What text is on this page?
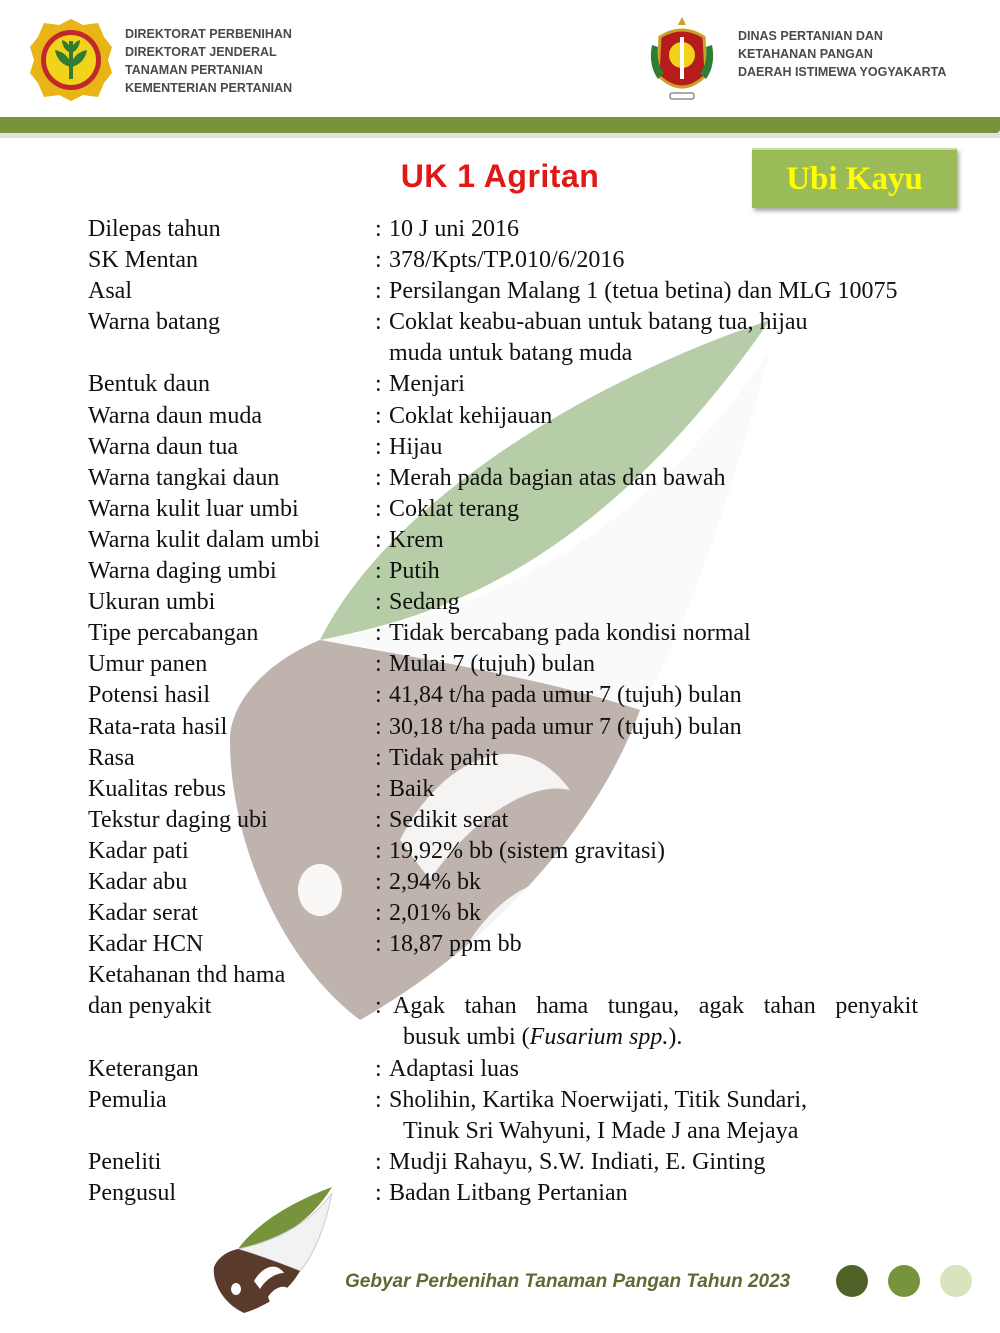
DIREKTORAT PERBENIHAN
DIREKTORAT JENDERAL
TANAMAN PERTANIAN
KEMENTERIAN PERTANIAN
DINAS PERTANIAN DAN
KETAHANAN PANGAN
DAERAH ISTIMEWA YOGYAKARTA
UK 1 Agritan	Ubi Kayu
Dilepas tahun	: 10 J uni 2016
SK Mentan	: 378/Kpts/TP.010/6/2016
Asal	: Persilangan Malang 1 (tetua betina) dan MLG 10075
Warna batang	: Coklat keabu-abuan untuk batang tua, hijau
muda untuk batang muda
Bentuk daun	: Menjari
Warna daun muda	: Coklat kehijauan
Warna daun tua	: Hijau
Warna tangkai daun	: Merah pada bagian atas dan bawah
Warna kulit luar umbi	: Coklat terang
Warna kulit dalam umbi	: Krem
Warna daging umbi	: Putih
Ukuran umbi	: Sedang
Tipe percabangan	: Tidak bercabang pada kondisi normal
Umur panen	: Mulai 7 (tujuh) bulan
Potensi hasil	: 41,84 t/ha pada umur 7 (tujuh) bulan
Rata-rata hasil	: 30,18 t/ha pada umur 7 (tujuh) bulan
Rasa	: Tidak pahit
Kualitas rebus	: Baik
Tekstur daging ubi	: Sedikit serat
Kadar pati	: 19,92% bb (sistem gravitasi)
Kadar abu	: 2,94% bk
Kadar serat	: 2,01% bk
Kadar HCN	: 18,87 ppm bb
Ketahanan thd hama
dan penyakit	: Agak tahan hama tungau, agak tahan penyakit
busuk umbi (Fusarium spp.).
Keterangan	: Adaptasi luas
Pemulia	: Sholihin, Kartika Noerwijati, Titik Sundari,
Tinuk Sri Wahyuni, I Made J ana Mejaya
Peneliti	: Mudji Rahayu, S.W. Indiati, E. Ginting
Pengusul	: Badan Litbang Pertanian
Gebyar Perbenihan Tanaman Pangan Tahun 2023
